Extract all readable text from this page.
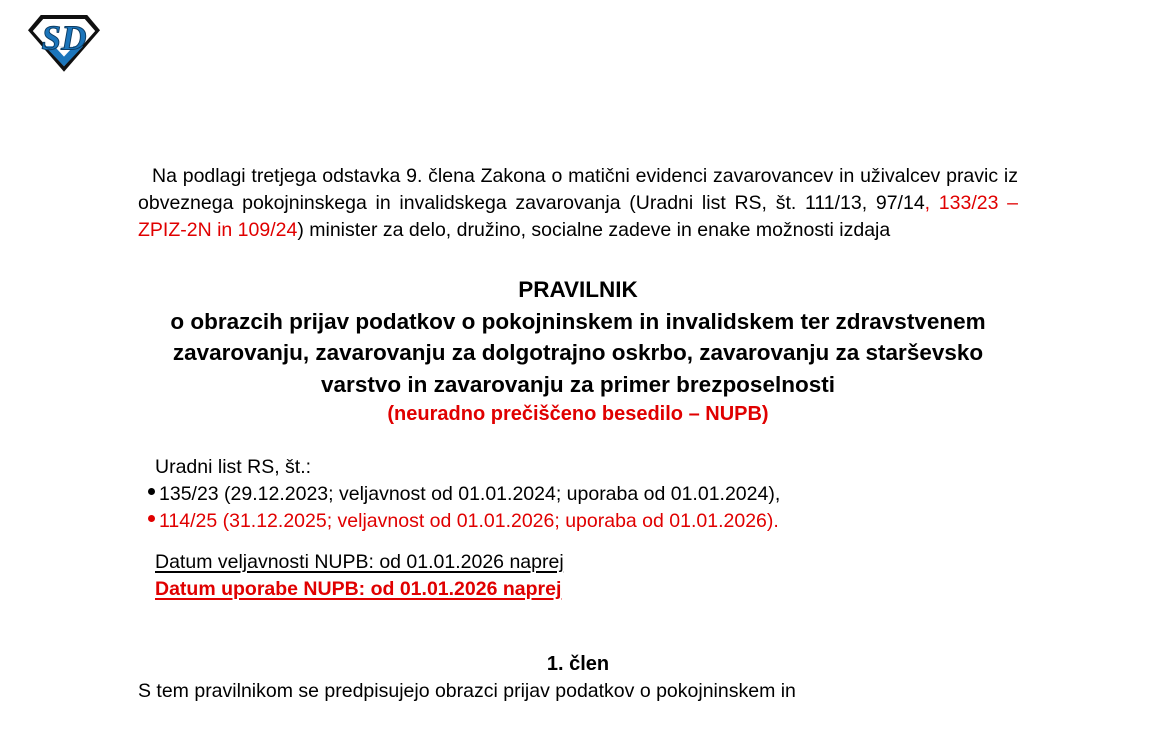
SD

Na podlagi tretjega odstavka 9. člena Zakona o matični evidenci zavarovancev in uživalcev pravic iz obveznega pokojninskega in invalidskega zavarovanja (Uradni list RS, št. 111/13, 97/14, 133/23 – ZPIZ-2N in 109/24) minister za delo, družino, socialne zadeve in enake možnosti izdaja

PRAVILNIK
o obrazcih prijav podatkov o pokojninskem in invalidskem ter zdravstvenem zavarovanju, zavarovanju za dolgotrajno oskrbo, zavarovanju za starševsko varstvo in zavarovanju za primer brezposelnosti
(neuradno prečiščeno besedilo – NUPB)

Uradni list RS, št.:

135/23 (29.12.2023; veljavnost od 01.01.2024; uporaba od 01.01.2024),
114/25 (31.12.2025; veljavnost od 01.01.2026; uporaba od 01.01.2026).
Datum veljavnosti NUPB: od 01.01.2026 naprej
Datum uporabe NUPB: od 01.01.2026 naprej
1. člen

S tem pravilnikom se predpisujejo obrazci prijav podatkov o pokojninskem in
